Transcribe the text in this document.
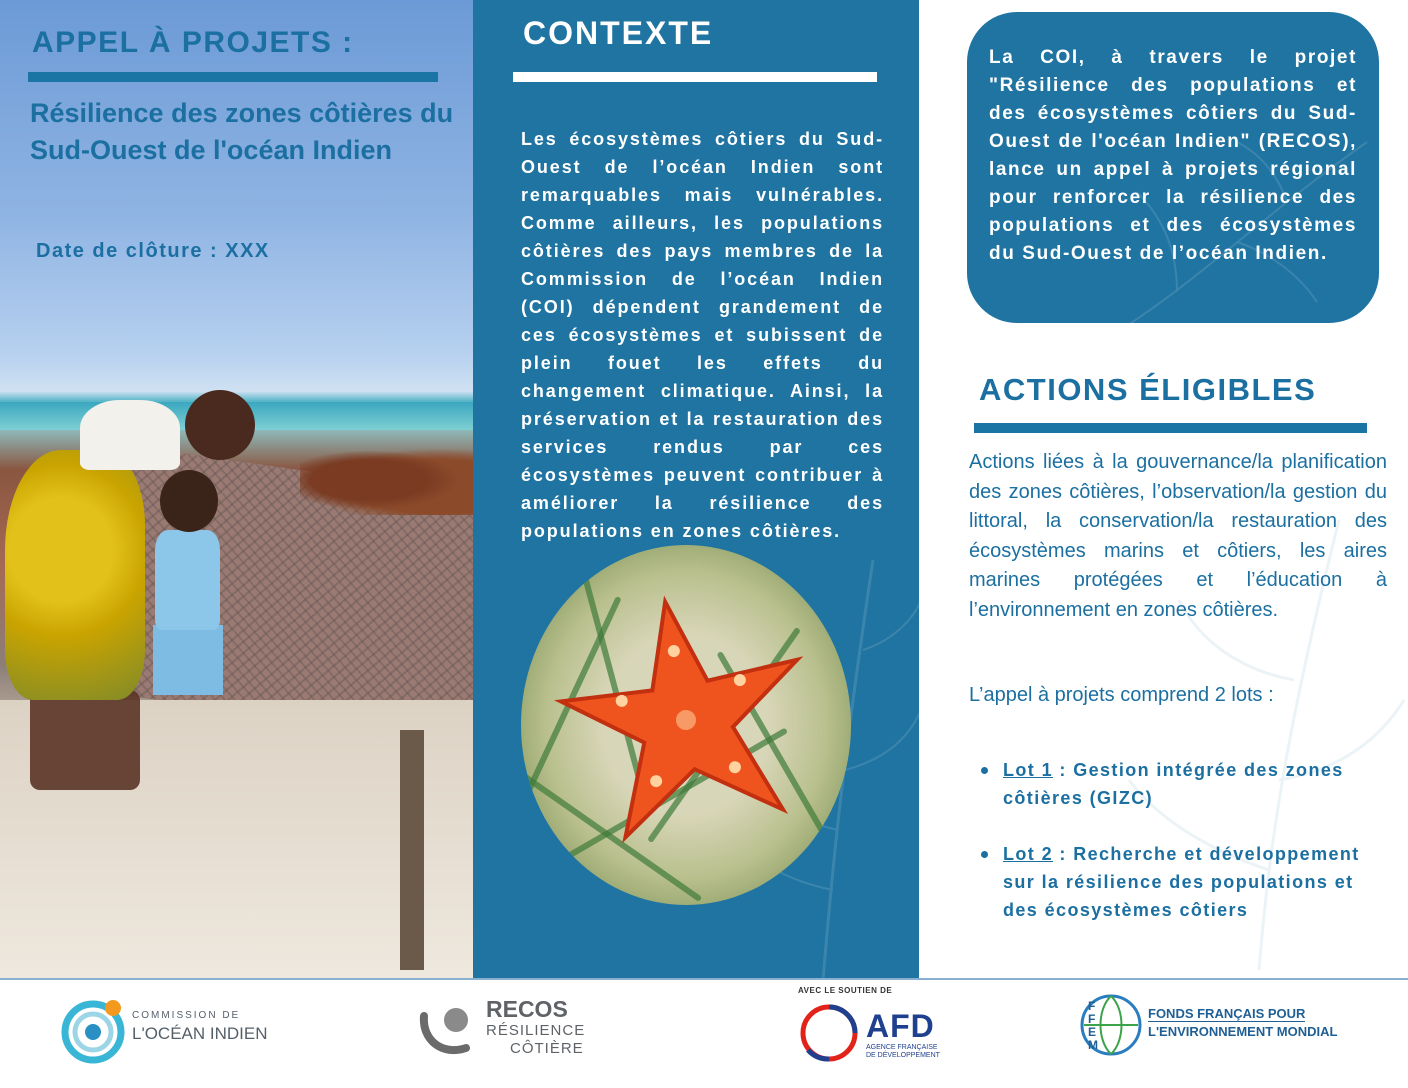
APPEL À PROJETS :
Résilience des zones côtières du Sud-Ouest de l'océan Indien

Date de clôture : XXX

CONTEXTE

Les écosystèmes côtiers du Sud-Ouest de l’océan Indien sont remarquables mais vulnérables. Comme ailleurs, les populations côtières des pays membres de la Commission de l’océan Indien (COI) dépendent grandement de ces écosystèmes et subissent de plein fouet les effets du changement climatique. Ainsi, la préservation et la restauration des services rendus par ces écosystèmes peuvent contribuer à améliorer la résilience des populations en zones côtières.

La COI, à travers le projet "Résilience des populations et des écosystèmes côtiers du Sud-Ouest de l'océan Indien" (RECOS), lance un appel à projets régional pour renforcer la résilience des populations et des écosystèmes du Sud-Ouest de l’océan Indien.

ACTIONS ÉLIGIBLES

Actions liées à la gouvernance/la planification des zones côtières, l’observation/la gestion du littoral, la conservation/la restauration des écosystèmes marins et côtiers, les aires marines protégées et l’éducation à l’environnement en zones côtières.

L’appel à projets comprend 2 lots :

Lot 1 : Gestion intégrée des zones côtières (GIZC)
Lot 2 : Recherche et développement sur la résilience des populations et des écosystèmes côtiers
COMMISSION DE
L'OCÉAN INDIEN
RECOS
RÉSILIENCE
CÔTIÈRE
AVEC LE SOUTIEN DE
AFD
AGENCE FRANÇAISE
DE DÉVELOPPEMENT
FFEM
FONDS FRANÇAIS POUR
L'ENVIRONNEMENT MONDIAL
